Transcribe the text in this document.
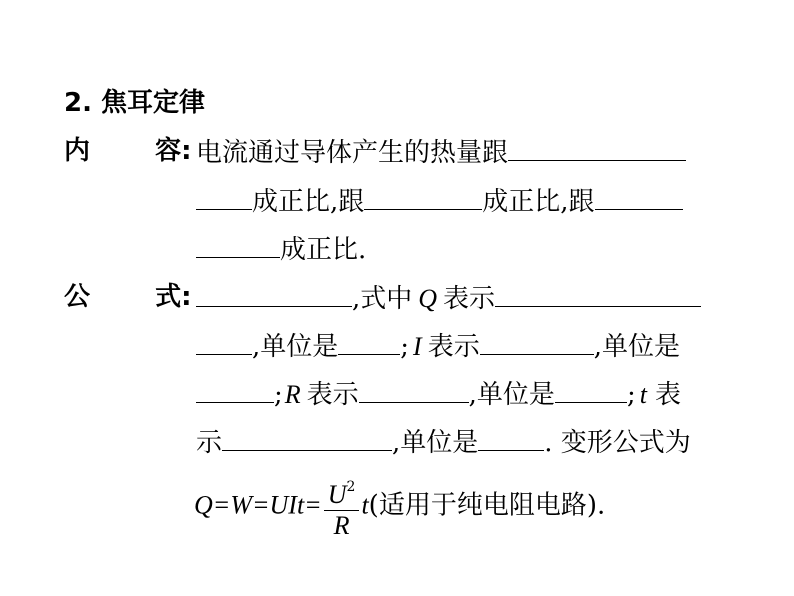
2. 焦耳定律
内	容: 电流通过导体产生的热量跟
成正比,跟	成正比,跟
成正比.
公	式:	,式中 Q 表示
,单位是 ; I 表示	,单位是
;R 表示	,单位是	; t 表
示	,单位是	. 变形公式为
$Q=W=UIt= \frac{U^2}{R} t$(适用于纯电阻电路).
